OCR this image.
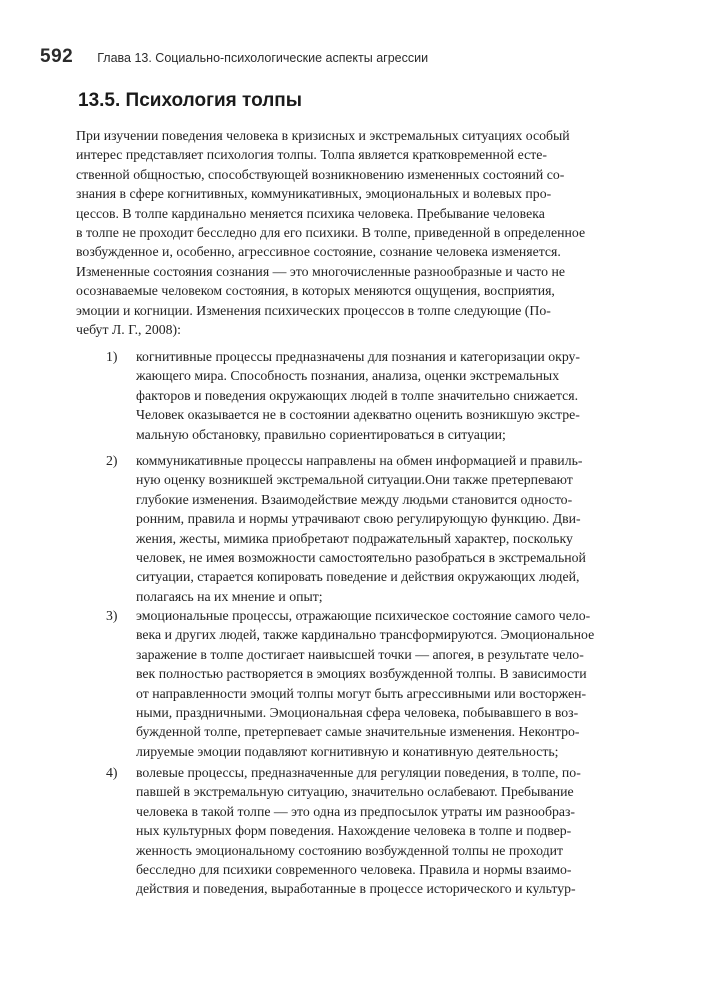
592 Глава 13. Социально-психологические аспекты агрессии
13.5. Психология толпы

При изучении поведения человека в кризисных и экстремальных ситуациях особый
интерес представляет психология толпы. Толпа является кратковременной есте-
ственной общностью, способствующей возникновению измененных состояний со-
знания в сфере когнитивных, коммуникативных, эмоциональных и волевых про-
цессов. В толпе кардинально меняется психика человека. Пребывание человека
в толпе не проходит бесследно для его психики. В толпе, приведенной в определенное
возбужденное и, особенно, агрессивное состояние, сознание человека изменяется.
Измененные состояния сознания — это многочисленные разнообразные и часто не
осознаваемые человеком состояния, в которых меняются ощущения, восприятия,
эмоции и когниции. Изменения психических процессов в толпе следующие (По-
чебут Л. Г., 2008):

1) когнитивные процессы предназначены для познания и категоризации окру-
жающего мира. Способность познания, анализа, оценки экстремальных
факторов и поведения окружающих людей в толпе значительно снижается.
Человек оказывается не в состоянии адекватно оценить возникшую экстре-
мальную обстановку, правильно сориентироваться в ситуации;
2) коммуникативные процессы направлены на обмен информацией и правиль-
ную оценку возникшей экстремальной ситуации.Они также претерпевают
глубокие изменения. Взаимодействие между людьми становится односто-
ронним, правила и нормы утрачивают свою регулирующую функцию. Дви-
жения, жесты, мимика приобретают подражательный характер, поскольку
человек, не имея возможности самостоятельно разобраться в экстремальной
ситуации, старается копировать поведение и действия окружающих людей,
полагаясь на их мнение и опыт;
3) эмоциональные процессы, отражающие психическое состояние самого чело-
века и других людей, также кардинально трансформируются. Эмоциональное
заражение в толпе достигает наивысшей точки — апогея, в результате чело-
век полностью растворяется в эмоциях возбужденной толпы. В зависимости
от направленности эмоций толпы могут быть агрессивными или восторжен-
ными, праздничными. Эмоциональная сфера человека, побывавшего в воз-
бужденной толпе, претерпевает самые значительные изменения. Неконтро-
лируемые эмоции подавляют когнитивную и конативную деятельность;
4) волевые процессы, предназначенные для регуляции поведения, в толпе, по-
павшей в экстремальную ситуацию, значительно ослабевают. Пребывание
человека в такой толпе — это одна из предпосылок утраты им разнообраз-
ных культурных форм поведения. Нахождение человека в толпе и подвер-
женность эмоциональному состоянию возбужденной толпы не проходит
бесследно для психики современного человека. Правила и нормы взаимо-
действия и поведения, выработанные в процессе исторического и культур-
